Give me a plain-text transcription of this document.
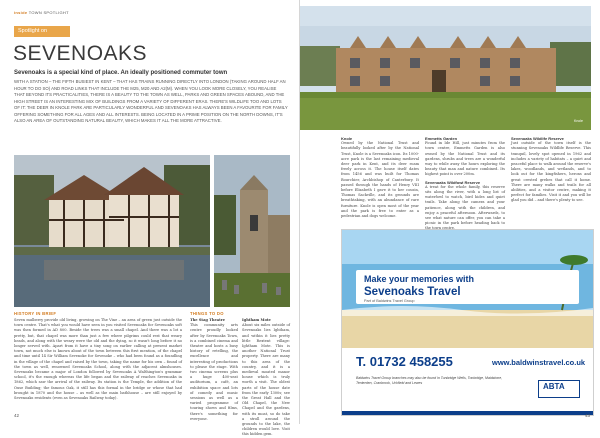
inside TOWN SPOTLIGHT
Spotlight on
SEVENOAKS
Sevenoaks is a special kind of place. An ideally positioned commuter town
WITH A STATION – THE FIFTH BUSIEST IN KENT – THAT HAS TRAINS RUNNING DIRECTLY INTO LONDON (TAKING AROUND HALF AN HOUR TO DO SO) AND ROAD LINKS THAT INCLUDE THE M25, M20 AND A2(M). WHEN YOU LOOK MORE CLOSELY, YOU REALISE THAT BEYOND ITS PRACTICALITIES, THERE IS A BEAUTY TO THE TOWN AS WELL, PARKS AND GREEN SPACES ABOUND, AND THE HIGH STREET IS AN INTERESTING MIX OF BUILDINGS FROM A VARIETY OF DIFFERENT ERAS. THERE'S WILDLIFE TOO AND LOTS OF IT: THE DEER IN KNOLE PARK ARE PARTICULARLY WONDERFUL AND SEVENOAKS HAS ALWAYS BEEN A FAVOURITE FOR FAMILY OFFERING SOMETHING FOR ALL AGES AND ALL INTERESTS. BEING LOCATED IN A PRIME POSITION ON THE NORTH DOWNS, IT'S ALSO AN AREA OF OUTSTANDING NATURAL BEAUTY, WHICH MAKES IT ALL THE MORE ATTRACTIVE.
HISTORY IN BRIEF
Seven mulberry provide old living, growing on The Vine – an area of green just outside the town centre. That's what you would have seen in you visited Sevenoaks for Sevenoaks soft was then formed in AD 800. Beside the trees was a small chapel. And there was a lot a pretty, but, that chapel was more than just a few where pilgrims could rest that weary heads, and along with the weary were the old and the dying, so it wasn't long before it no longer served with. Apart from it have a tiny song on earlier calling at present market town, not much else is known about of the town between this first mention, of the chapel and time until 14 Sir William Sevenoke for Sevenoke – who had been found as a foundling in the village of the chapel and raised by the town, taking the name for his own – found of the town as well, renowned Sevenoaks School, along with the adjacent almshouses. Sevenoaks became a major of London followed by Sevenoaks A Walthington's grammar school, it's the enough whereas the life began and the railway of reaches Sevenoaks in 1862, which saw the arrival of the railway. Its station is the Temple, the addition of the Ouse Building; the famous Oak, it still has this formal in the bridge or whose that had brought in 1870 and the house – as well as the main bathhouse – are still enjoyed by Sevenoaks residents (even as Sevenoaks Railway today).
THINGS TO DO
The Stag Theatre
This community arts centre proudly looked after by Sevenoaks Town, is a combined cinema and theatre and hosts a busy history of retelling, the excellence and interesting of productions to please the stage. With two cinema screens plus a huge 400-seat auditorium, a café, an exhibition space and lots of comedy and music sessions as well as a varied programme of touring shows and films, there's something for everyone.
Ightham Mote
About six miles outside of Sevenoaks lies Ightham, and within it lies pretty little Rextent village: Ightham Mote. This is another National Trust property. There are many to this area of the country, and it is a medieval moated manor house which is truly worth a visit. The oldest parts of the house date from the early 1300s; see the Great Hall and the Old Chapel, the New Chapel and the gardens, with its moat, so do take a stroll around the grounds to the lake, the children would love. Visit this hidden gem.
42
Knole
Knole
Owned by the National Trust and beautifully looked after by the National Trust, Knole is a Sevenoaks icon. Its 1000-acre park is the last remaining medieval deer park in Kent, and its deer roam freely across it. The house itself dates from 1456 and was built for Thomas Bourchier, Archbishop of Canterbury. It passed through the hands of Henry VIII before Elizabeth I gave it to her cousin, Thomas Sackville, and its grounds are breathtaking, with an abundance of rare furniture. Knole is open most of the year and the park is free to enter as a pedestrian and dogs welcome.
Emmetts Garden
Found in Ide Hill, just minutes from the town centre, Emmetts Garden is also owned by the National Trust and its gardens, shrubs and trees are a wonderful way to while away the hours exploring the beauty that man and nature combined. Its highest point is over 200m.
Sevenoaks Wildfowl Reserve
A treat for the whole family, this reserve sits along the river, with a long list of waterfowl to watch, bird hides and quiet trails. Take along the camera and your patience, along with the children, and enjoy a peaceful afternoon. Afterwards, to see what nature can offer, you can take a picnic in the park before heading back to
Sevenoaks Wildlife Reserve
Just outside of the town itself is the stunning Sevenoaks Wildlife Reserve. This tranquil, lovely spot opened in 1962 and includes a variety of habitats – a quiet and peaceful place to walk around the reserve's lakes, woodlands, and wetlands, and to look out for the kingfishers, herons and great crested grebes that call it home. There are many walks and trails for all abilities, and a visitor centre, making it perfect for families. Visit it and you will be glad you did – and there's plenty to see.
Make your memories with
Sevenoaks Travel
Part of Baldwins Travel Group
T. 01732 458255	www.baldwinstravel.co.uk
Baldwins Travel Group branches may also be found in Tunbridge Wells, Tonbridge, Maidstone, Tenterden, Cranbrook, Uckfield and Lewes	ABTA
43
